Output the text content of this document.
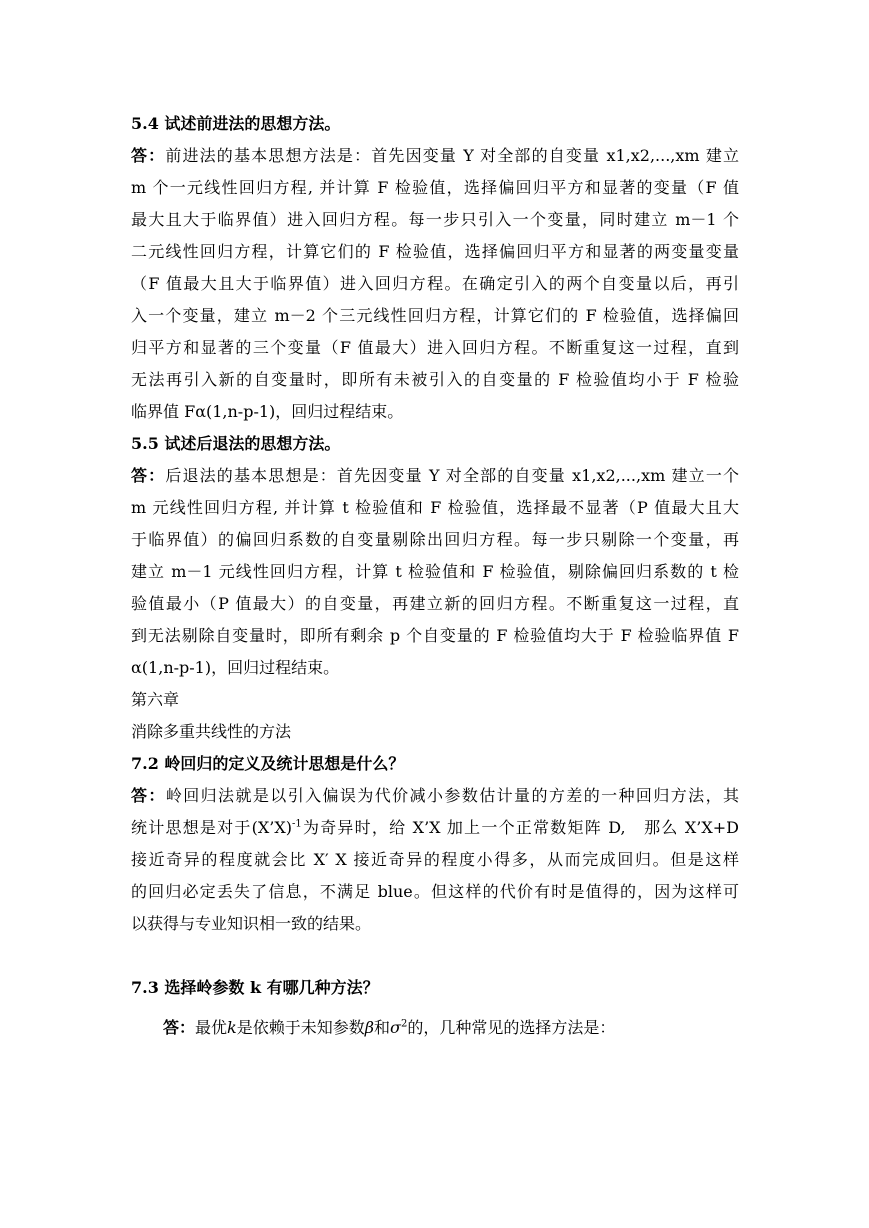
5.4 试述前进法的思想方法。
答：前进法的基本思想方法是：首先因变量 Y 对全部的自变量 x1,x2,...,xm 建立
m 个一元线性回归方程, 并计算 F 检验值，选择偏回归平方和显著的变量（F 值
最大且大于临界值）进入回归方程。每一步只引入一个变量，同时建立 m－1 个
二元线性回归方程，计算它们的 F 检验值，选择偏回归平方和显著的两变量变量
（F 值最大且大于临界值）进入回归方程。在确定引入的两个自变量以后，再引
入一个变量，建立 m－2 个三元线性回归方程，计算它们的 F 检验值，选择偏回
归平方和显著的三个变量（F 值最大）进入回归方程。不断重复这一过程，直到
无法再引入新的自变量时，即所有未被引入的自变量的 F 检验值均小于 F 检验
临界值 Fα(1,n-p-1)，回归过程结束。
5.5 试述后退法的思想方法。
答：后退法的基本思想是：首先因变量 Y 对全部的自变量 x1,x2,...,xm 建立一个
m 元线性回归方程, 并计算 t 检验值和 F 检验值，选择最不显著（P 值最大且大
于临界值）的偏回归系数的自变量剔除出回归方程。每一步只剔除一个变量，再
建立 m－1 元线性回归方程，计算 t 检验值和 F 检验值，剔除偏回归系数的 t 检
验值最小（P 值最大）的自变量，再建立新的回归方程。不断重复这一过程，直
到无法剔除自变量时，即所有剩余 p 个自变量的 F 检验值均大于 F 检验临界值 F
α(1,n-p-1)，回归过程结束。
第六章
消除多重共线性的方法
7.2 岭回归的定义及统计思想是什么？
答：岭回归法就是以引入偏误为代价减小参数估计量的方差的一种回归方法，其
统计思想是对于(X’X)$^{-1}$为奇异时，给 X’X 加上一个正常数矩阵 D,　那么 X’X+D
接近奇异的程度就会比 X′ X 接近奇异的程度小得多，从而完成回归。但是这样
的回归必定丢失了信息，不满足 blue。但这样的代价有时是值得的，因为这样可
以获得与专业知识相一致的结果。
7.3 选择岭参数 k 有哪几种方法？
答：最优k是依赖于未知参数β和$\sigma^2$的，几种常见的选择方法是：
